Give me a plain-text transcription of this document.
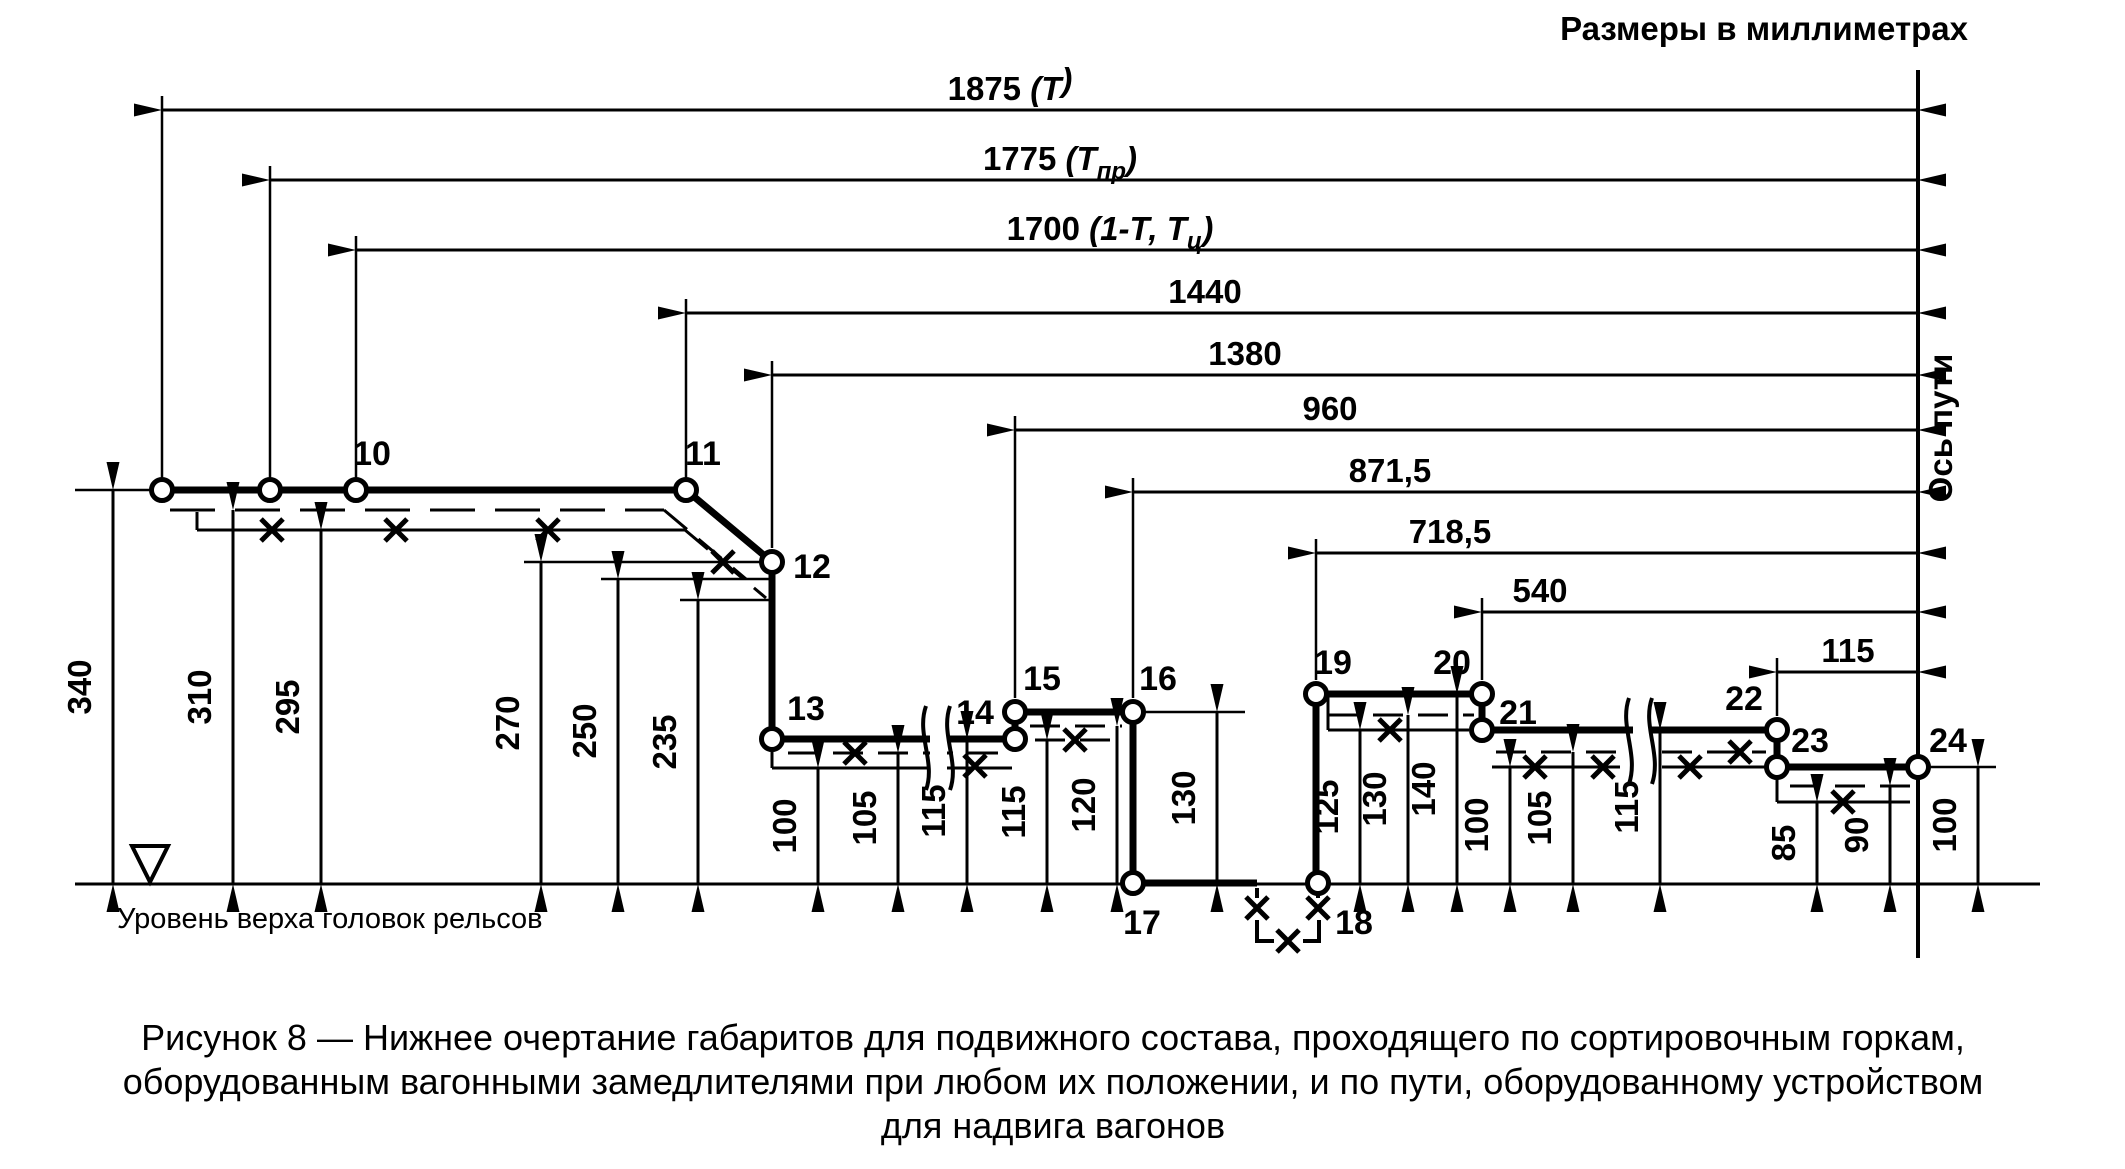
1875 (Т)
1775 $(Т_{пр})$
1700 (1-Т, $Т_ц$)
1440
1380
960
871,5
718,5
540
115
340	310 295	270 250 235
100 105 115 115 120 130	125 130 140
100 105 115
85 90 100
10	11
12
13	14
15 16
17	18
19 20
21	22
23	24
Размеры в миллиметрах
Ось пути
Уровень верха головок рельсов
Рисунок 8 — Нижнее очертание габаритов для подвижного состава, проходящего по сортировочным горкам,
оборудованным вагонными замедлителями при любом их положении, и по пути, оборудованному устройством
для надвига вагонов
